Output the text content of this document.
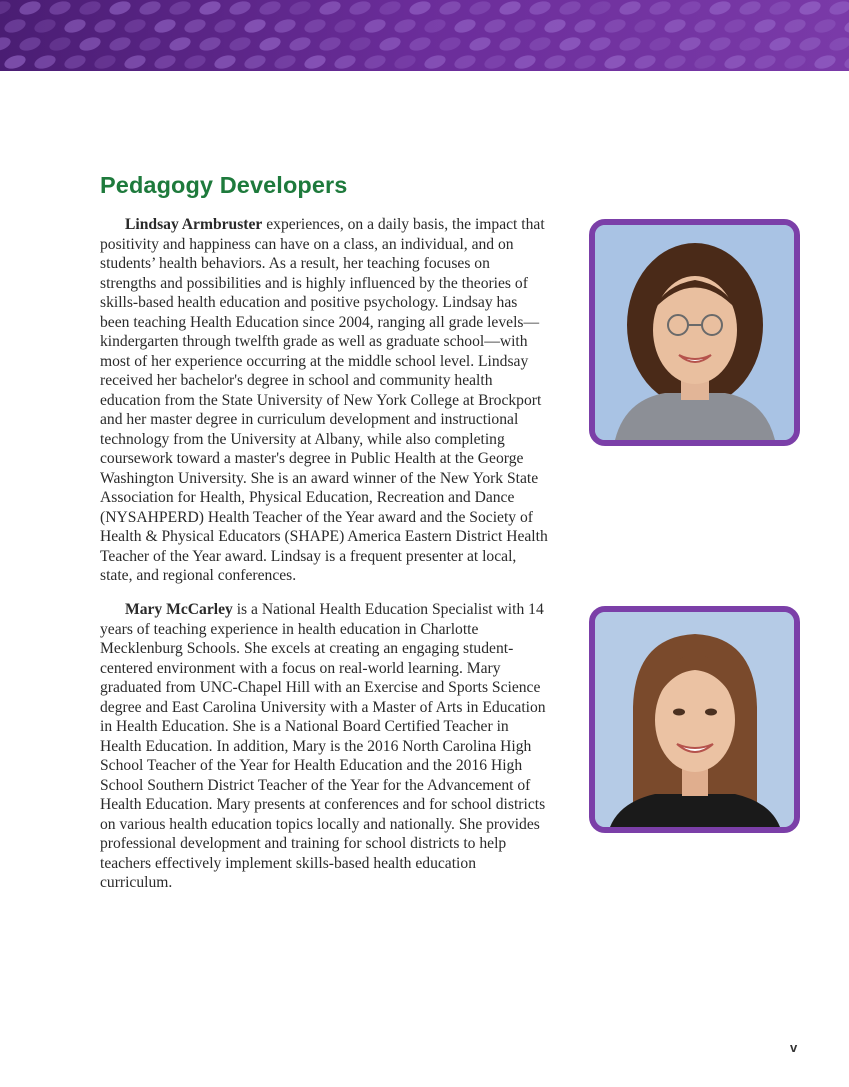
Pedagogy Developers

Lindsay Armbruster experiences, on a daily basis, the impact that positivity and happiness can have on a class, an individual, and on students’ health behaviors. As a result, her teaching focuses on strengths and possibilities and is highly influenced by the theories of skills-based health education and positive psychology. Lindsay has been teaching Health Education since 2004, ranging all grade levels—kindergarten through twelfth grade as well as graduate school—with most of her experience occurring at the middle school level. Lindsay received her bachelor's degree in school and community health education from the State University of New York College at Brockport and her master degree in curriculum development and instructional technology from the University at Albany, while also completing coursework toward a master's degree in Public Health at the George Washington University. She is an award winner of the New York State Association for Health, Physical Education, Recreation and Dance (NYSAHPERD) Health Teacher of the Year award and the Society of Health & Physical Educators (SHAPE) America Eastern District Health Teacher of the Year award. Lindsay is a frequent presenter at local, state, and regional conferences.

Mary McCarley is a National Health Education Specialist with 14 years of teaching experience in health education in Charlotte Mecklenburg Schools. She excels at creating an engaging student-centered environment with a focus on real-world learning. Mary graduated from UNC-Chapel Hill with an Exercise and Sports Science degree and East Carolina University with a Master of Arts in Education in Health Education. She is a National Board Certified Teacher in Health Education. In addition, Mary is the 2016 North Carolina High School Teacher of the Year for Health Education and the 2016 High School Southern District Teacher of the Year for the Advancement of Health Education. Mary presents at conferences and for school districts on various health education topics locally and nationally. She provides professional development and training for school districts to help teachers effectively implement skills-based health education curriculum.

v
